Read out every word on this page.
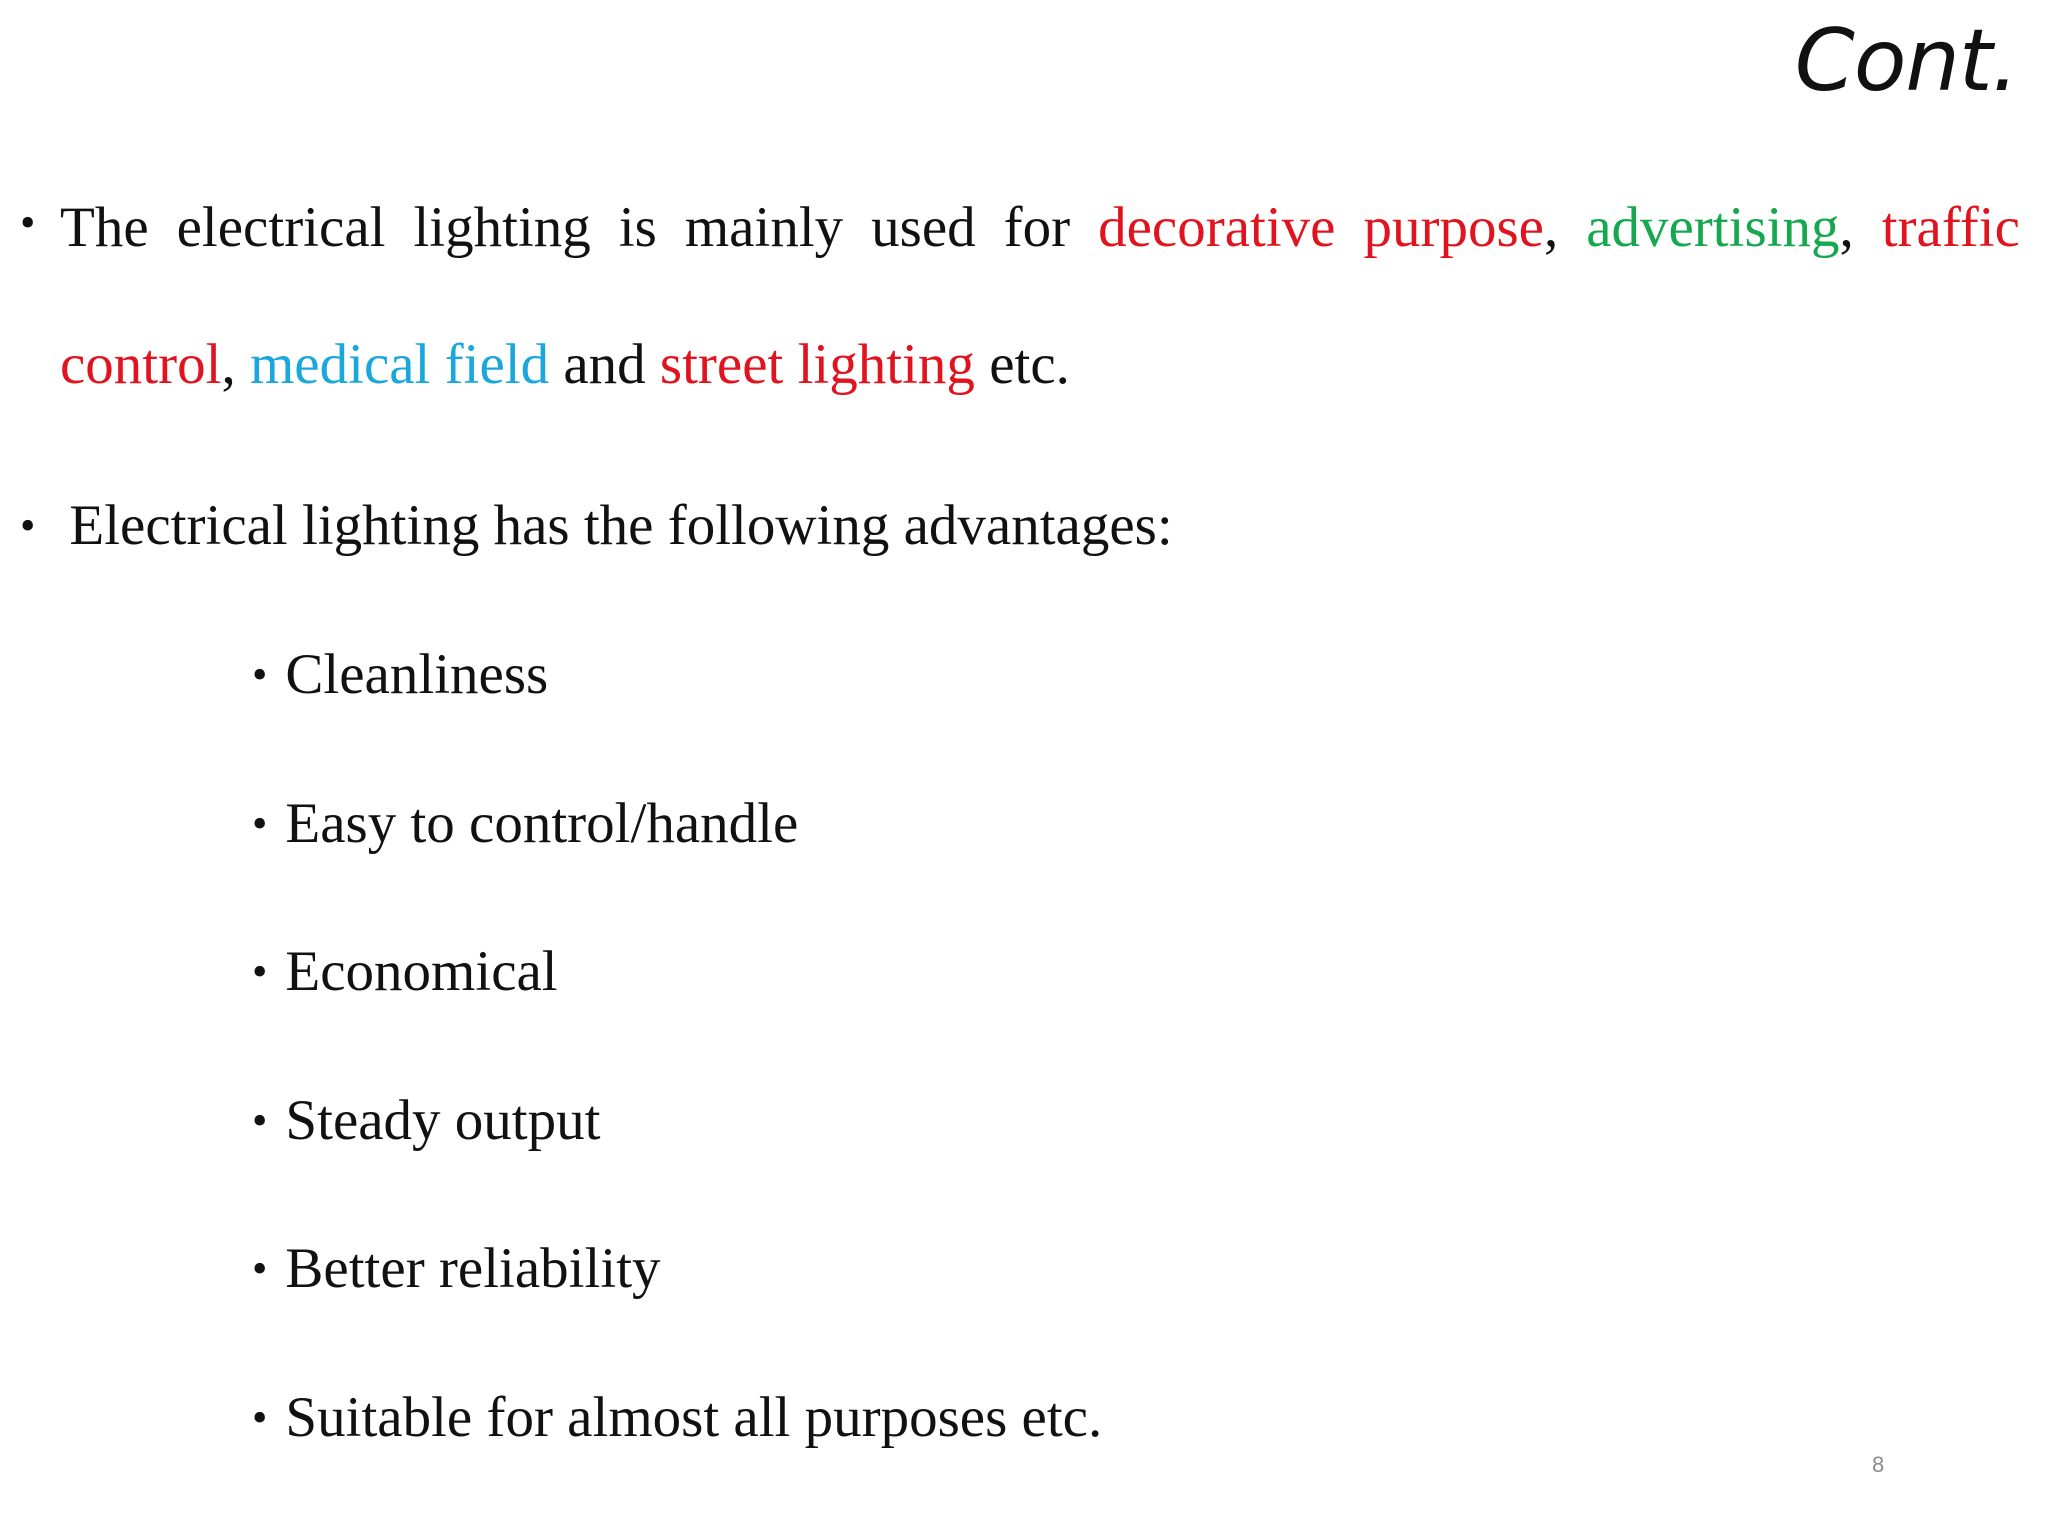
Cont.
• The electrical lighting is mainly used for decorative purpose, advertising, traffic
control, medical field and street lighting etc.
• Electrical lighting has the following advantages:
• Cleanliness
• Easy to control/handle
• Economical
• Steady output
• Better reliability
• Suitable for almost all purposes etc.
8
